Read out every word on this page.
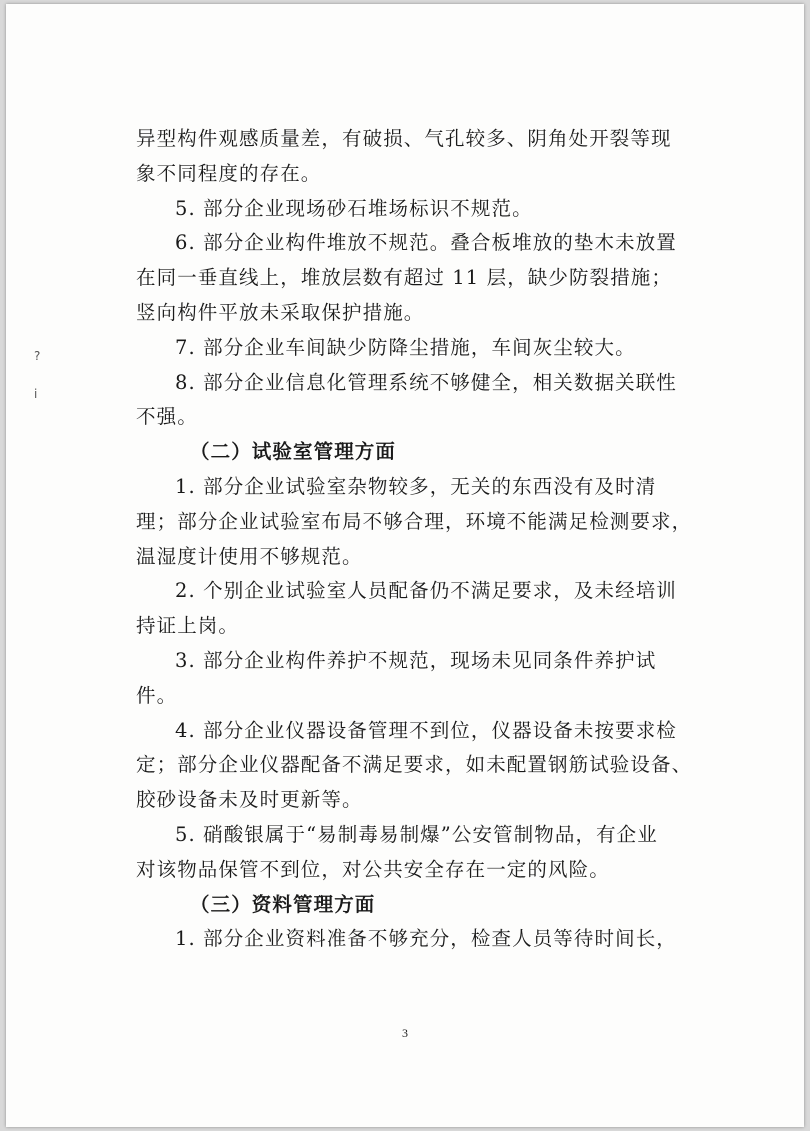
?
i
异型构件观感质量差，有破损、气孔较多、阴角处开裂等现
象不同程度的存在。
5. 部分企业现场砂石堆场标识不规范。
6. 部分企业构件堆放不规范。叠合板堆放的垫木未放置
在同一垂直线上，堆放层数有超过 11 层，缺少防裂措施；
竖向构件平放未采取保护措施。
7. 部分企业车间缺少防降尘措施，车间灰尘较大。
8. 部分企业信息化管理系统不够健全，相关数据关联性
不强。
（二）试验室管理方面
1. 部分企业试验室杂物较多，无关的东西没有及时清
理；部分企业试验室布局不够合理，环境不能满足检测要求，
温湿度计使用不够规范。
2. 个别企业试验室人员配备仍不满足要求，及未经培训
持证上岗。
3. 部分企业构件养护不规范，现场未见同条件养护试
件。
4. 部分企业仪器设备管理不到位，仪器设备未按要求检
定；部分企业仪器配备不满足要求，如未配置钢筋试验设备、
胶砂设备未及时更新等。
5. 硝酸银属于“易制毒易制爆”公安管制物品，有企业
对该物品保管不到位，对公共安全存在一定的风险。
（三）资料管理方面
1. 部分企业资料准备不够充分，检查人员等待时间长，
3
